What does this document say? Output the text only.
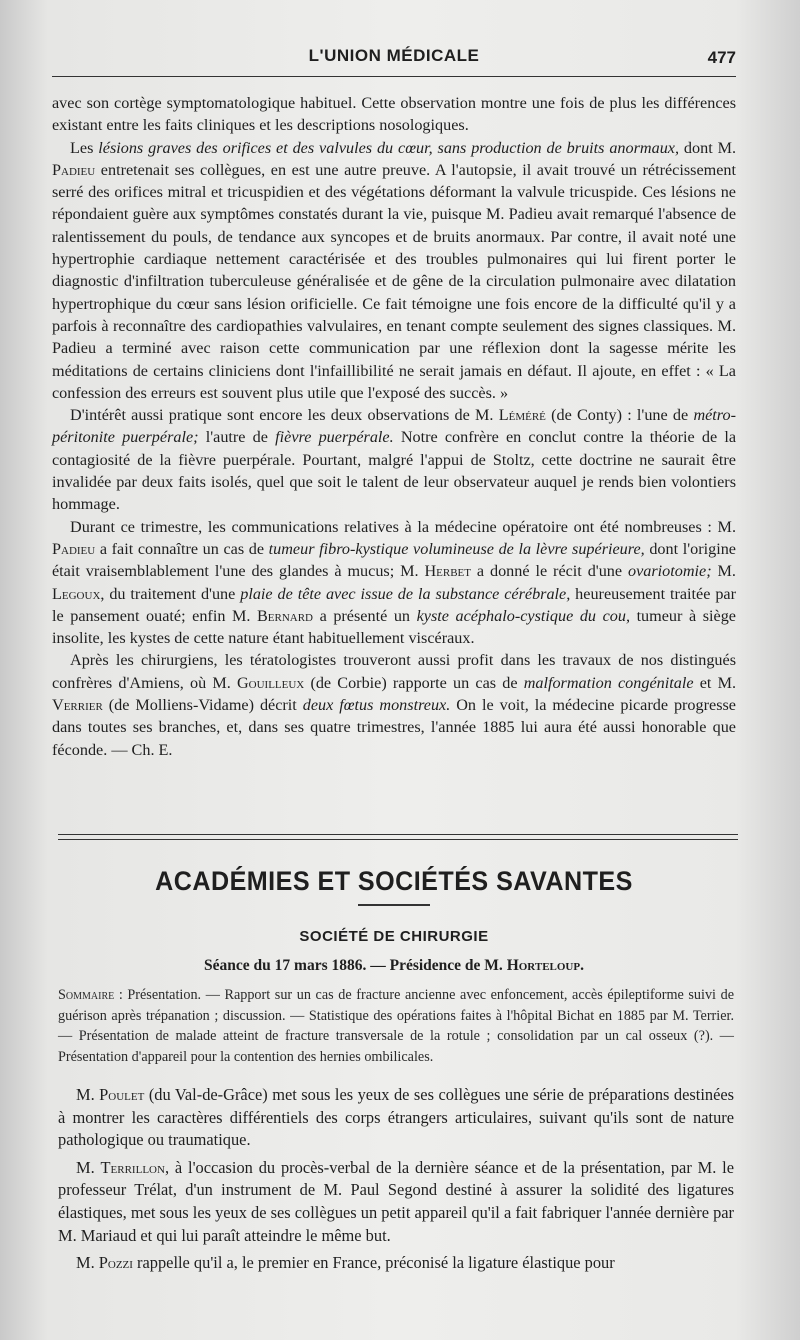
L'UNION MÉDICALE	477

avec son cortège symptomatologique habituel. Cette observation montre une fois de plus les différences existant entre les faits cliniques et les descriptions nosologiques.

Les lésions graves des orifices et des valvules du cœur, sans production de bruits anormaux, dont M. Padieu entretenait ses collègues, en est une autre preuve. A l'autopsie, il avait trouvé un rétrécissement serré des orifices mitral et tricuspidien et des végétations déformant la valvule tricuspide. Ces lésions ne répondaient guère aux symptômes constatés durant la vie, puisque M. Padieu avait remarqué l'absence de ralentissement du pouls, de tendance aux syncopes et de bruits anormaux. Par contre, il avait noté une hypertrophie cardiaque nettement caractérisée et des troubles pulmonaires qui lui firent porter le diagnostic d'infiltration tuberculeuse généralisée et de gêne de la circulation pulmonaire avec dilatation hypertrophique du cœur sans lésion orificielle. Ce fait témoigne une fois encore de la difficulté qu'il y a parfois à reconnaître des cardiopathies valvulaires, en tenant compte seulement des signes classiques. M. Padieu a terminé avec raison cette communication par une réflexion dont la sagesse mérite les méditations de certains cliniciens dont l'infaillibilité ne serait jamais en défaut. Il ajoute, en effet : « La confession des erreurs est souvent plus utile que l'exposé des succès. »

D'intérêt aussi pratique sont encore les deux observations de M. Léméré (de Conty) : l'une de métro-péritonite puerpérale; l'autre de fièvre puerpérale. Notre confrère en conclut contre la théorie de la contagiosité de la fièvre puerpérale. Pourtant, malgré l'appui de Stoltz, cette doctrine ne saurait être invalidée par deux faits isolés, quel que soit le talent de leur observateur auquel je rends bien volontiers hommage.

Durant ce trimestre, les communications relatives à la médecine opératoire ont été nombreuses : M. Padieu a fait connaître un cas de tumeur fibro-kystique volumineuse de la lèvre supérieure, dont l'origine était vraisemblablement l'une des glandes à mucus; M. Herbet a donné le récit d'une ovariotomie; M. Legoux, du traitement d'une plaie de tête avec issue de la substance cérébrale, heureusement traitée par le pansement ouaté; enfin M. Bernard a présenté un kyste acéphalo-cystique du cou, tumeur à siège insolite, les kystes de cette nature étant habituellement viscéraux.

Après les chirurgiens, les tératologistes trouveront aussi profit dans les travaux de nos distingués confrères d'Amiens, où M. Gouilleux (de Corbie) rapporte un cas de malformation congénitale et M. Verrier (de Molliens-Vidame) décrit deux fœtus monstreux. On le voit, la médecine picarde progresse dans toutes ses branches, et, dans ses quatre trimestres, l'année 1885 lui aura été aussi honorable que féconde. — Ch. E.

ACADÉMIES ET SOCIÉTÉS SAVANTES
SOCIÉTÉ DE CHIRURGIE
Séance du 17 mars 1886. — Présidence de M. Horteloup.
Sommaire : Présentation. — Rapport sur un cas de fracture ancienne avec enfoncement, accès épileptiforme suivi de guérison après trépanation ; discussion. — Statistique des opérations faites à l'hôpital Bichat en 1885 par M. Terrier. — Présentation de malade atteint de fracture transversale de la rotule ; consolidation par un cal osseux (?). — Présentation d'appareil pour la contention des hernies ombilicales.

M. Poulet (du Val-de-Grâce) met sous les yeux de ses collègues une série de préparations destinées à montrer les caractères différentiels des corps étrangers articulaires, suivant qu'ils sont de nature pathologique ou traumatique.

M. Terrillon, à l'occasion du procès-verbal de la dernière séance et de la présentation, par M. le professeur Trélat, d'un instrument de M. Paul Segond destiné à assurer la solidité des ligatures élastiques, met sous les yeux de ses collègues un petit appareil qu'il a fait fabriquer l'année dernière par M. Mariaud et qui lui paraît atteindre le même but.

M. Pozzi rappelle qu'il a, le premier en France, préconisé la ligature élastique pour
